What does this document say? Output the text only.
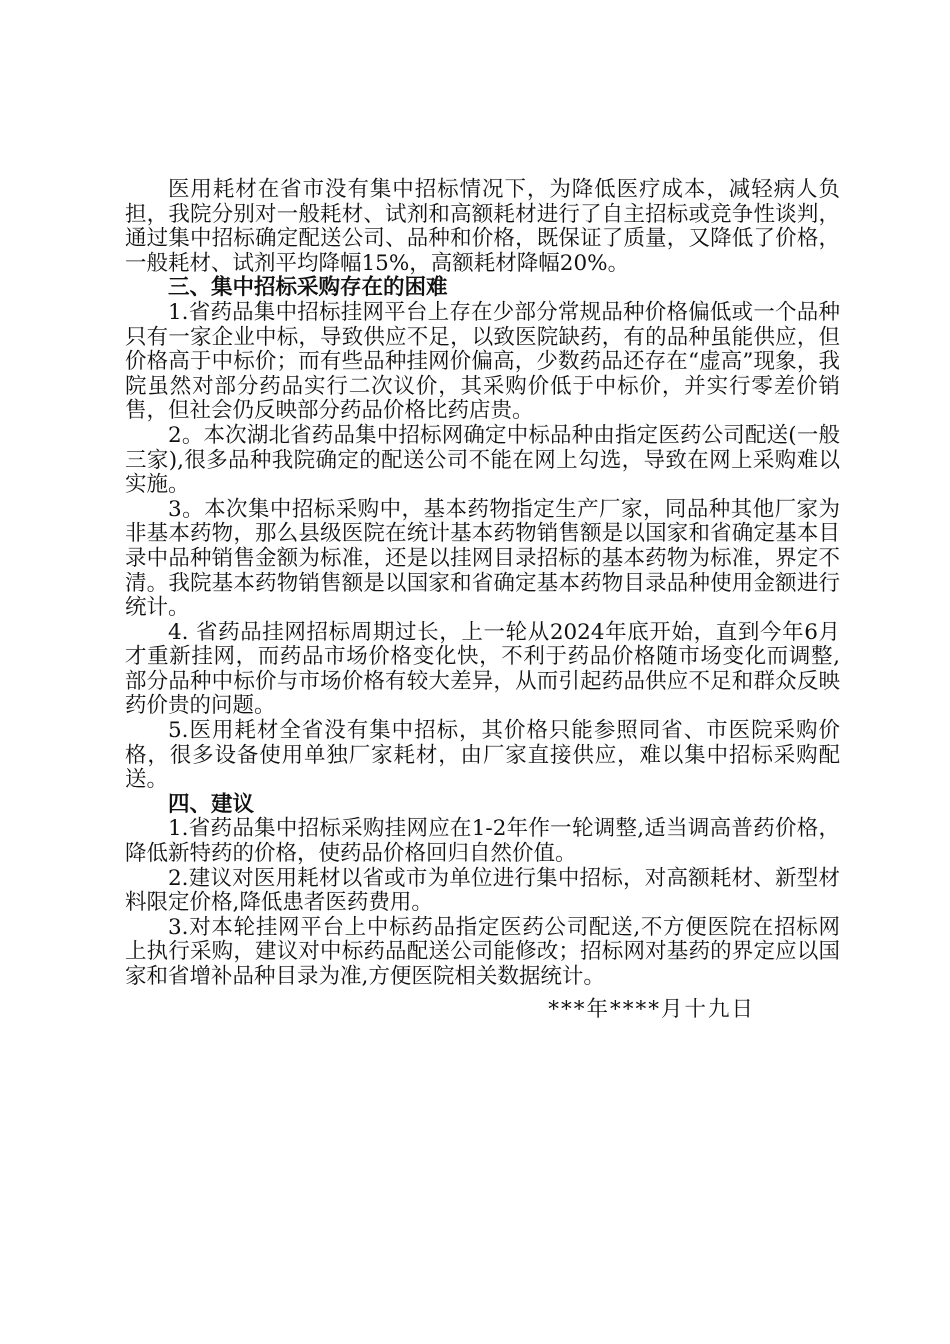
医用耗材在省市没有集中招标情况下，为降低医疗成本，减轻病人负担，我院分别对一般耗材、试剂和高额耗材进行了自主招标或竞争性谈判，通过集中招标确定配送公司、品种和价格，既保证了质量，又降低了价格，一般耗材、试剂平均降幅15%，高额耗材降幅20%。

三、集中招标采购存在的困难

1.省药品集中招标挂网平台上存在少部分常规品种价格偏低或一个品种只有一家企业中标，导致供应不足，以致医院缺药，有的品种虽能供应，但价格高于中标价；而有些品种挂网价偏高，少数药品还存在“虚高”现象，我院虽然对部分药品实行二次议价，其采购价低于中标价，并实行零差价销售，但社会仍反映部分药品价格比药店贵。

2。本次湖北省药品集中招标网确定中标品种由指定医药公司配送(一般三家),很多品种我院确定的配送公司不能在网上勾选，导致在网上采购难以实施。

3。本次集中招标采购中，基本药物指定生产厂家，同品种其他厂家为非基本药物，那么县级医院在统计基本药物销售额是以国家和省确定基本目录中品种销售金额为标准，还是以挂网目录招标的基本药物为标准，界定不清。我院基本药物销售额是以国家和省确定基本药物目录品种使用金额进行统计。

4. 省药品挂网招标周期过长，上一轮从2024年底开始，直到今年6月才重新挂网，而药品市场价格变化快，不利于药品价格随市场变化而调整,部分品种中标价与市场价格有较大差异，从而引起药品供应不足和群众反映药价贵的问题。

5.医用耗材全省没有集中招标，其价格只能参照同省、市医院采购价格，很多设备使用单独厂家耗材，由厂家直接供应，难以集中招标采购配送。

四、建议

1.省药品集中招标采购挂网应在1-2年作一轮调整,适当调高普药价格，降低新特药的价格，使药品价格回归自然价值。

2.建议对医用耗材以省或市为单位进行集中招标，对高额耗材、新型材料限定价格,降低患者医药费用。

3.对本轮挂网平台上中标药品指定医药公司配送,不方便医院在招标网上执行采购，建议对中标药品配送公司能修改；招标网对基药的界定应以国家和省增补品种目录为准,方便医院相关数据统计。

***年****月十九日
